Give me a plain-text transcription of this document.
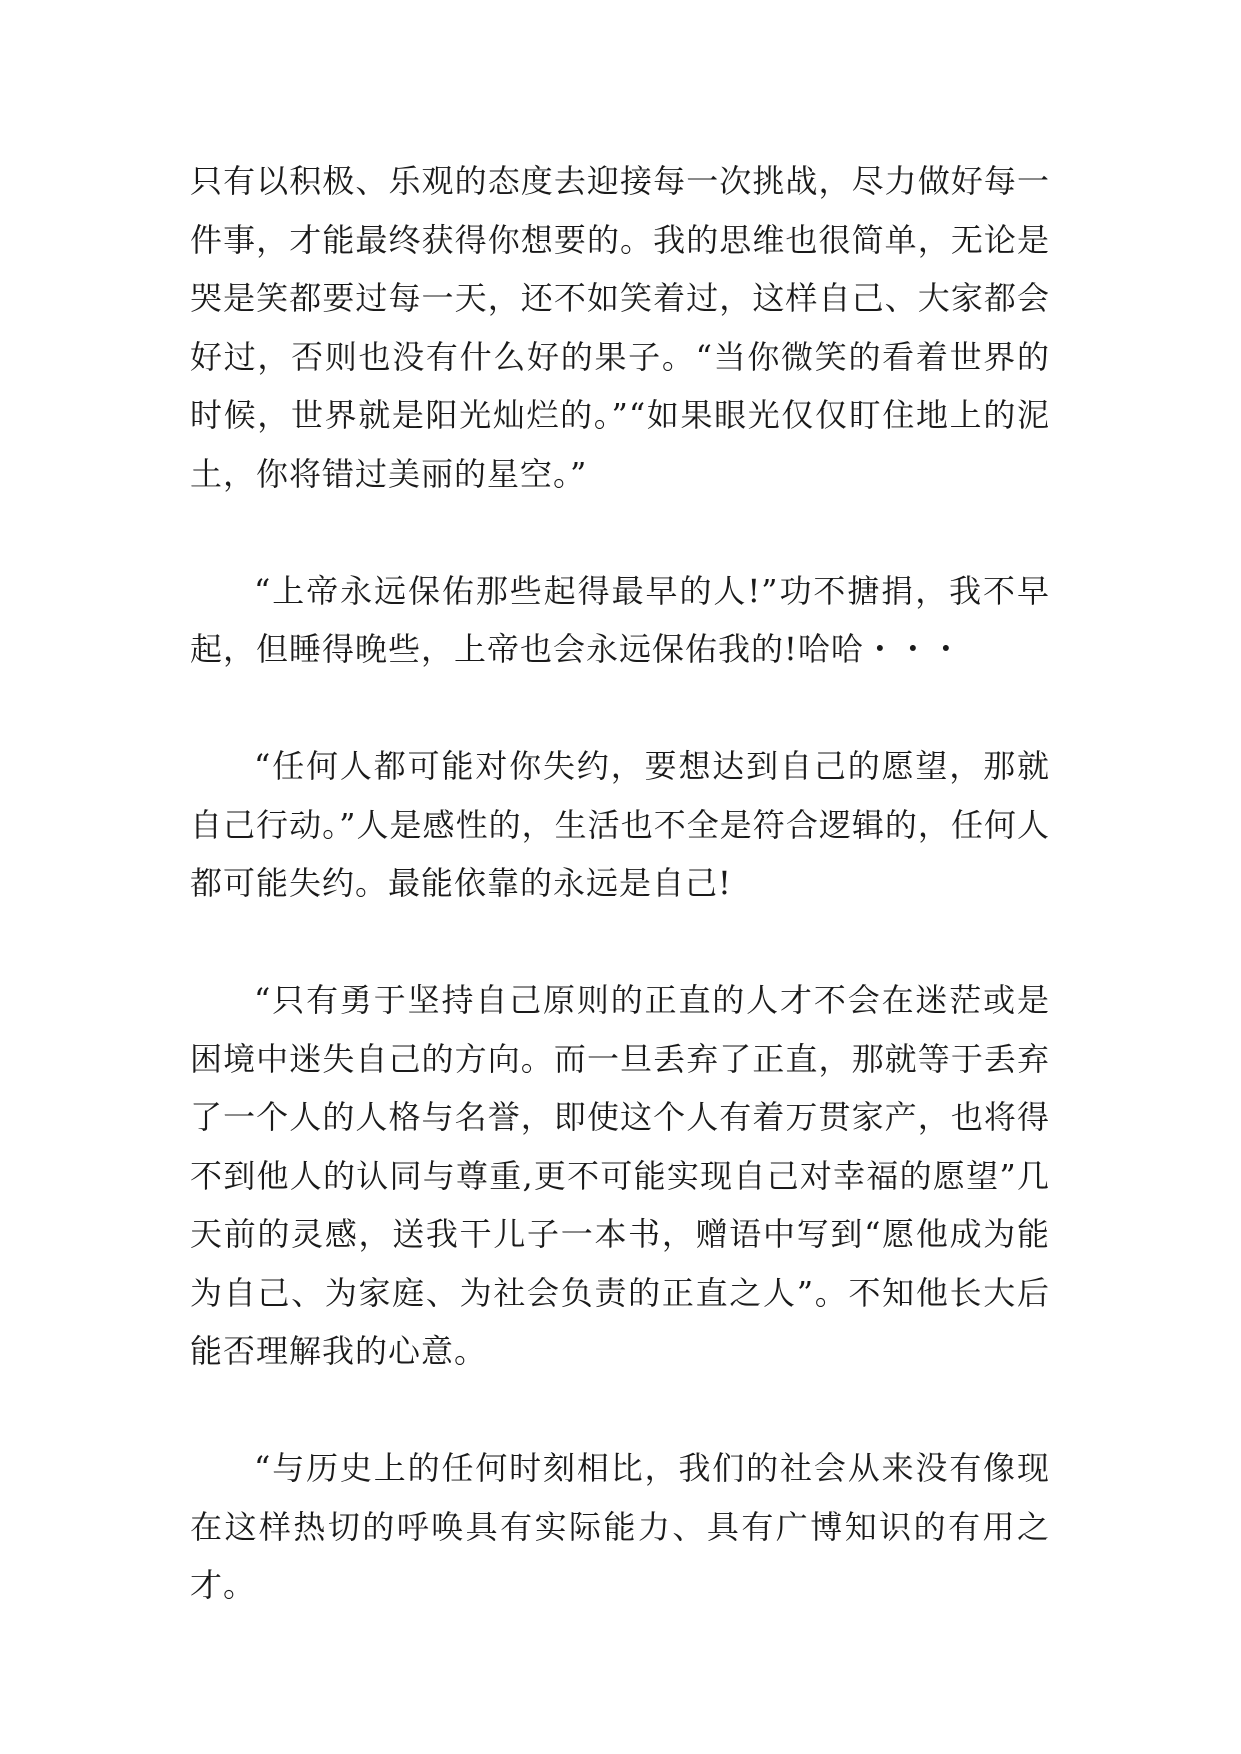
只有以积极、乐观的态度去迎接每一次挑战，尽力做好每一件事，才能最终获得你想要的。我的思维也很简单，无论是哭是笑都要过每一天，还不如笑着过，这样自己、大家都会好过，否则也没有什么好的果子。“当你微笑的看着世界的时候，世界就是阳光灿烂的。”“如果眼光仅仅盯住地上的泥土，你将错过美丽的星空。”

“上帝永远保佑那些起得最早的人!”功不搪捐，我不早起，但睡得晚些，上帝也会永远保佑我的!哈哈・・・

“任何人都可能对你失约，要想达到自己的愿望，那就自己行动。”人是感性的，生活也不全是符合逻辑的，任何人都可能失约。最能依靠的永远是自己!

“只有勇于坚持自己原则的正直的人才不会在迷茫或是困境中迷失自己的方向。而一旦丢弃了正直，那就等于丢弃了一个人的人格与名誉，即使这个人有着万贯家产，也将得不到他人的认同与尊重,更不可能实现自己对幸福的愿望”几天前的灵感，送我干儿子一本书，赠语中写到“愿他成为能为自己、为家庭、为社会负责的正直之人”。不知他长大后能否理解我的心意。

“与历史上的任何时刻相比，我们的社会从来没有像现在这样热切的呼唤具有实际能力、具有广博知识的有用之才。
